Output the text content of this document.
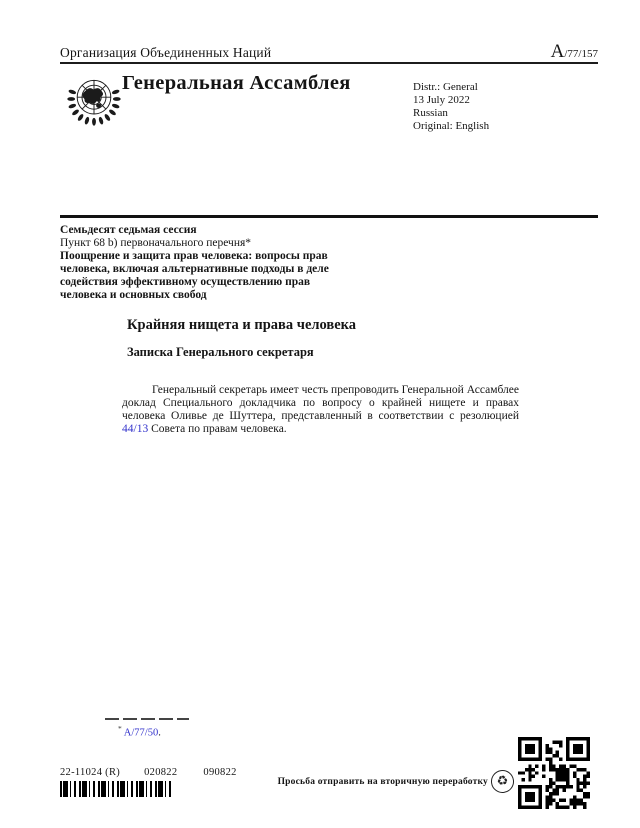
Организация Объединенных Наций	A/77/157
Генеральная Ассамблея	Distr.: General
13 July 2022
Russian
Original: English
Семьдесят седьмая сессия
Пункт 68 b) первоначального перечня*
Поощрение и защита прав человека: вопросы прав человека, включая альтернативные подходы в деле содействия эффективному осуществлению прав человека и основных свобод
Крайняя нищета и права человека
Записка Генерального секретаря

Генеральный секретарь имеет честь препроводить Генеральной Ассамблее доклад Специального докладчика по вопросу о крайней нищете и правах человека Оливье де Шуттера, представленный в соответствии с резолюцией 44/13 Совета по правам человека.

* A/77/50.
22-11024 (R) 020822 090822
Просьба отправить на вторичную переработку ♻
